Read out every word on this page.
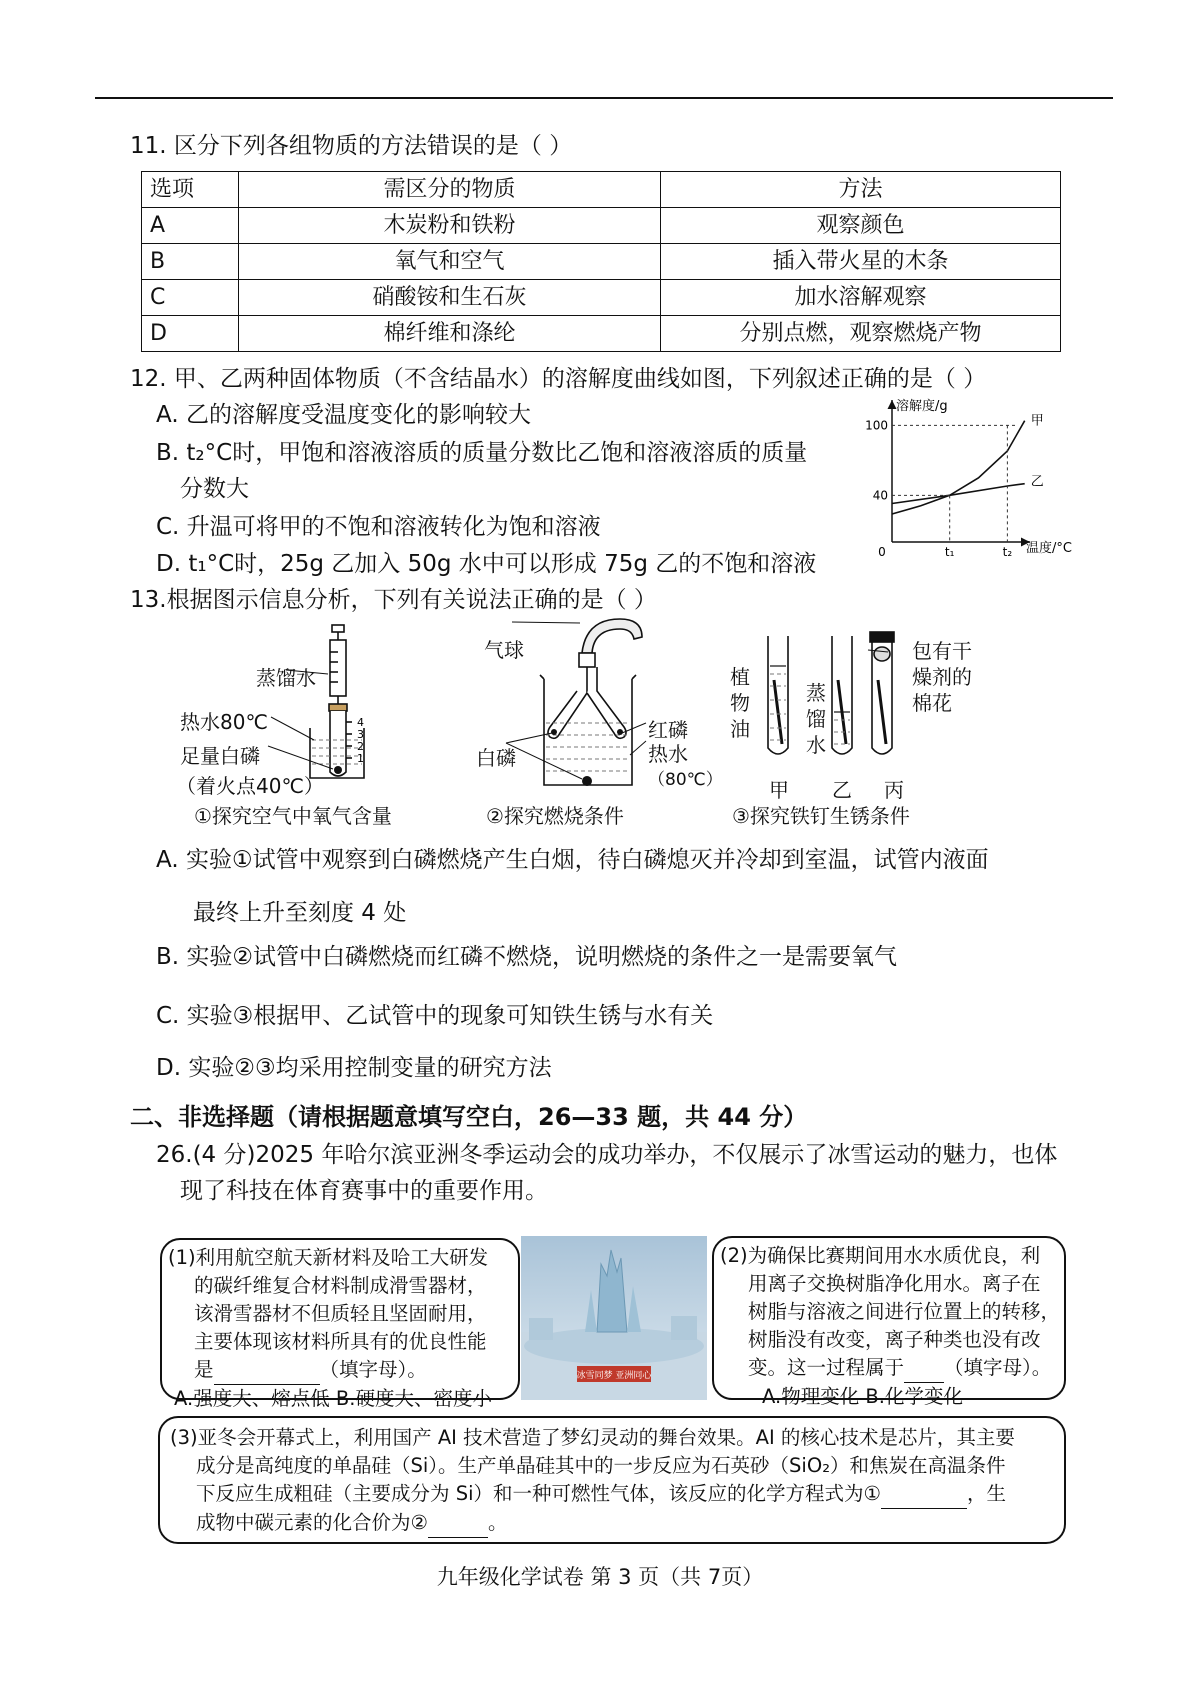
11. 区分下列各组物质的方法错误的是（ ）
选项	需区分的物质	方法
A	木炭粉和铁粉	观察颜色
B	氧气和空气	插入带火星的木条
C	硝酸铵和生石灰	加水溶解观察
D	棉纤维和涤纶	分别点燃，观察燃烧产物
12. 甲、乙两种固体物质（不含结晶水）的溶解度曲线如图，下列叙述正确的是（ ）
A. 乙的溶解度受温度变化的影响较大
B. t₂°C时，甲饱和溶液溶质的质量分数比乙饱和溶液溶质的质量
分数大
C. 升温可将甲的不饱和溶液转化为饱和溶液
D. t₁°C时，25g 乙加入 50g 水中可以形成 75g 乙的不饱和溶液
溶解度/g
温度/°C
0
甲
乙
100
40
t₁	t₂
13.根据图示信息分析，下列有关说法正确的是（ ）
4
3
2
1
蒸馏水
热水80℃
足量白磷
（着火点40℃）
①探究空气中氧气含量
气球
白磷
红磷
热水
（80℃）
②探究燃烧条件
植
物
油
蒸
馏
水
包有干
燥剂的
棉花
甲 乙 丙
③探究铁钉生锈条件
A. 实验①试管中观察到白磷燃烧产生白烟，待白磷熄灭并冷却到室温，试管内液面
最终上升至刻度 4 处
B. 实验②试管中白磷燃烧而红磷不燃烧，说明燃烧的条件之一是需要氧气
C. 实验③根据甲、乙试管中的现象可知铁生锈与水有关
D. 实验②③均采用控制变量的研究方法
二、非选择题（请根据题意填写空白，26—33 题，共 44 分）
26.(4 分)2025 年哈尔滨亚洲冬季运动会的成功举办，不仅展示了冰雪运动的魅力，也体
现了科技在体育赛事中的重要作用。
(1)利用航空航天新材料及哈工大研发
的碳纤维复合材料制成滑雪器材，
该滑雪器材不但质轻且坚固耐用，
主要体现该材料所具有的优良性能
是	（填字母）。
A.强度大、熔点低 B.硬度大、密度小
冰雪同梦 亚洲同心
(2)为确保比赛期间用水水质优良，利
用离子交换树脂净化用水。离子在
树脂与溶液之间进行位置上的转移，
树脂没有改变，离子种类也没有改
变。这一过程属于 （填字母）。
A.物理变化 B.化学变化
(3)亚冬会开幕式上，利用国产 AI 技术营造了梦幻灵动的舞台效果。AI 的核心技术是芯片，其主要
成分是高纯度的单晶硅（Si）。生产单晶硅其中的一步反应为石英砂（SiO₂）和焦炭在高温条件
下反应生成粗硅（主要成分为 Si）和一种可燃性气体，该反应的化学方程式为①	，生
成物中碳元素的化合价为②	。
九年级化学试卷 第 3 页（共 7页）
